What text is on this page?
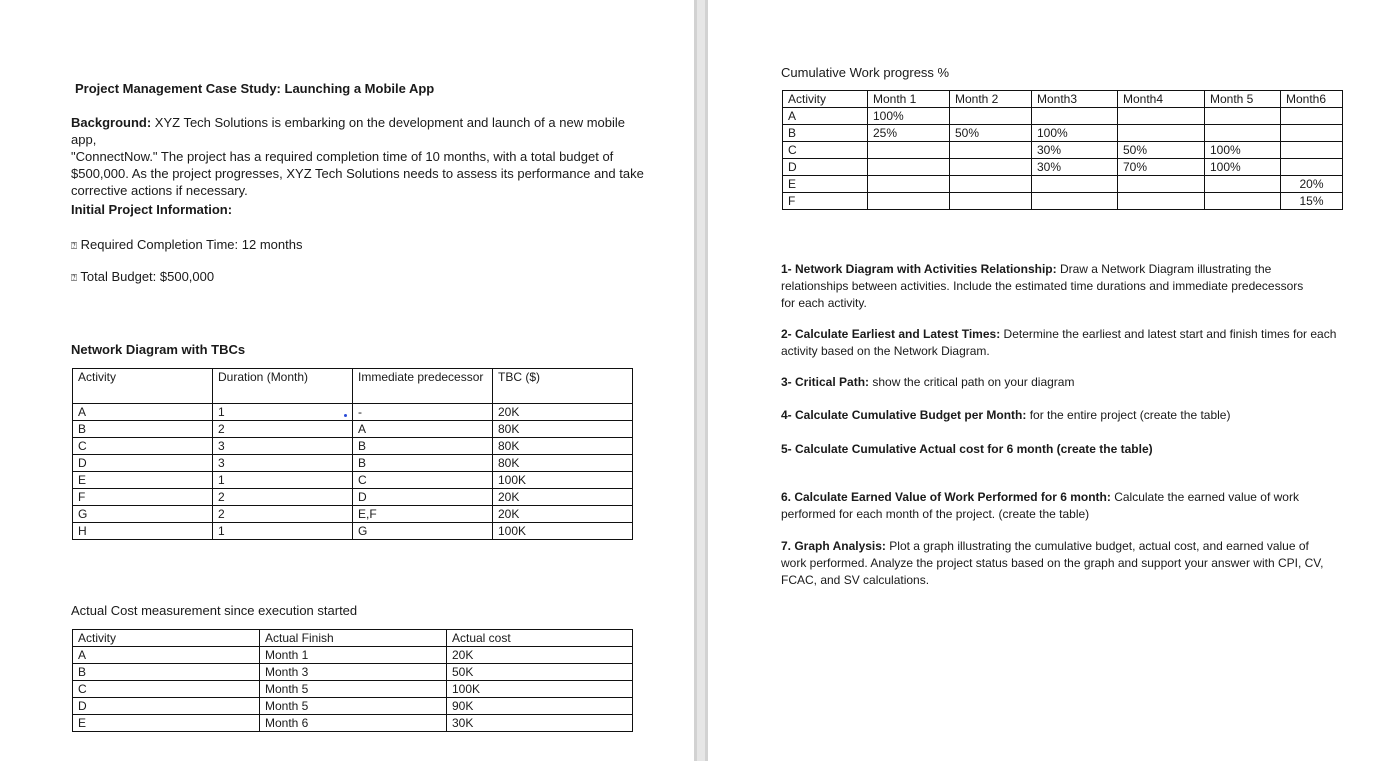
Project Management Case Study: Launching a Mobile App
Background: XYZ Tech Solutions is embarking on the development and launch of a new mobile app,
"ConnectNow." The project has a required completion time of 10 months, with a total budget of
$500,000. As the project progresses, XYZ Tech Solutions needs to assess its performance and take
corrective actions if necessary.
Initial Project Information:
⍰ Required Completion Time: 12 months
⍰ Total Budget: $500,000
Network Diagram with TBCs
Activity	Duration (Month)	Immediate predecessor	TBC ($)
A	1	-	20K
B	2	A	80K
C	3	B	80K
D	3	B	80K
E	1	C	100K
F	2	D	20K
G	2	E,F	20K
H	1	G	100K
Actual Cost measurement since execution started
Activity	Actual Finish	Actual cost
A	Month 1	20K
B	Month 3	50K
C	Month 5	100K
D	Month 5	90K
E	Month 6	30K
Cumulative Work progress %
Activity	Month 1	Month 2	Month3	Month4	Month 5	Month6
A	100%					
B	25%	50%	100%			
C			30%	50%	100%	
D			30%	70%	100%	
E						20%
F						15%
1- Network Diagram with Activities Relationship: Draw a Network Diagram illustrating the
relationships between activities. Include the estimated time durations and immediate predecessors
for each activity.
2- Calculate Earliest and Latest Times: Determine the earliest and latest start and finish times for each
activity based on the Network Diagram.
3- Critical Path: show the critical path on your diagram
4- Calculate Cumulative Budget per Month: for the entire project (create the table)
5- Calculate Cumulative Actual cost for 6 month (create the table)
6. Calculate Earned Value of Work Performed for 6 month: Calculate the earned value of work
performed for each month of the project. (create the table)
7. Graph Analysis: Plot a graph illustrating the cumulative budget, actual cost, and earned value of
work performed. Analyze the project status based on the graph and support your answer with CPI, CV,
FCAC, and SV calculations.
